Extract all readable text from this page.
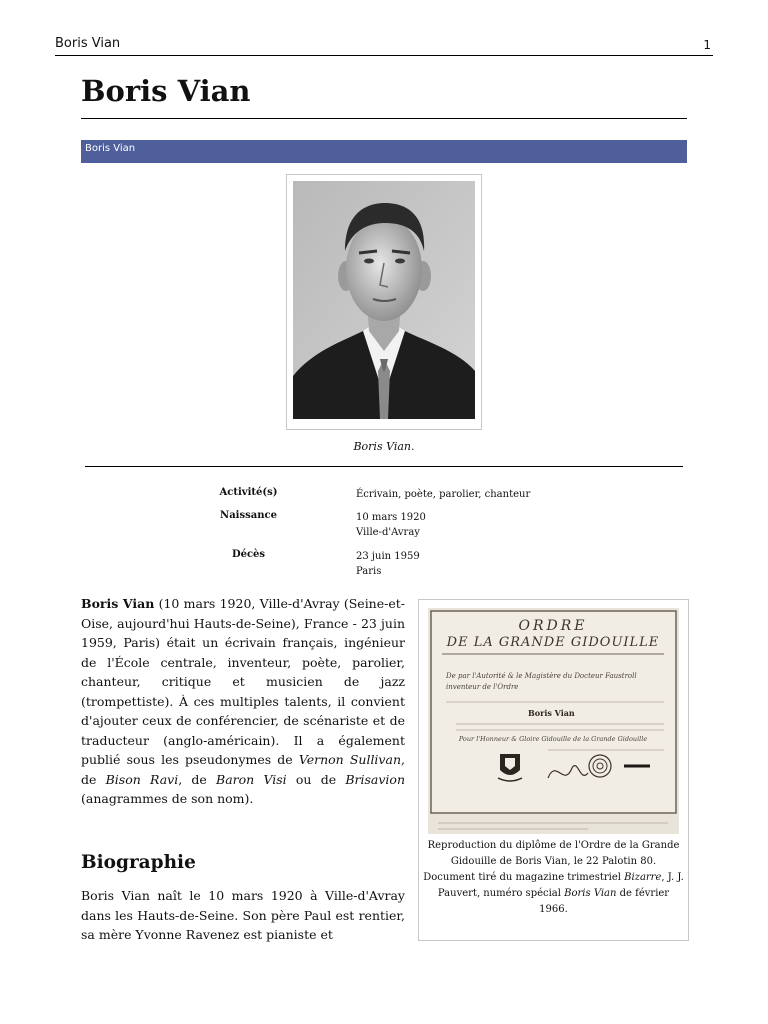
Boris Vian	1
Boris Vian
Boris Vian
Boris Vian.
Activité(s)	Écrivain, poète, parolier, chanteur
Naissance	10 mars 1920
Ville-d'Avray
Décès	23 juin 1959
Paris

Boris Vian (10 mars 1920, Ville-d'Avray (Seine-et-Oise, aujourd'hui Hauts-de-Seine), France - 23 juin 1959, Paris) était un écrivain français, ingénieur de l'École centrale, inventeur, poète, parolier, chanteur, critique et musicien de jazz (trompettiste). À ces multiples talents, il convient d'ajouter ceux de conférencier, de scénariste et de traducteur (anglo-américain). Il a également publié sous les pseudonymes de Vernon Sullivan, de Bison Ravi, de Baron Visi ou de Brisavion (anagrammes de son nom).

Biographie

Boris Vian naît le 10 mars 1920 à Ville-d'Avray dans les Hauts-de-Seine. Son père Paul est rentier, sa mère Yvonne Ravenez est pianiste et

ORDRE
DE LA GRANDE GIDOUILLE
De par l'Autorité & le Magistère du Docteur Faustroll
inventeur de l'Ordre
Boris Vian
Pour l'Honneur & Gloire Gidouille de la Grande Gidouille
Reproduction du diplôme de l'Ordre de la Grande Gidouille de Boris Vian, le 22 Palotin 80.
Document tiré du magazine trimestriel Bizarre, J. J. Pauvert, numéro spécial Boris Vian de février 1966.
